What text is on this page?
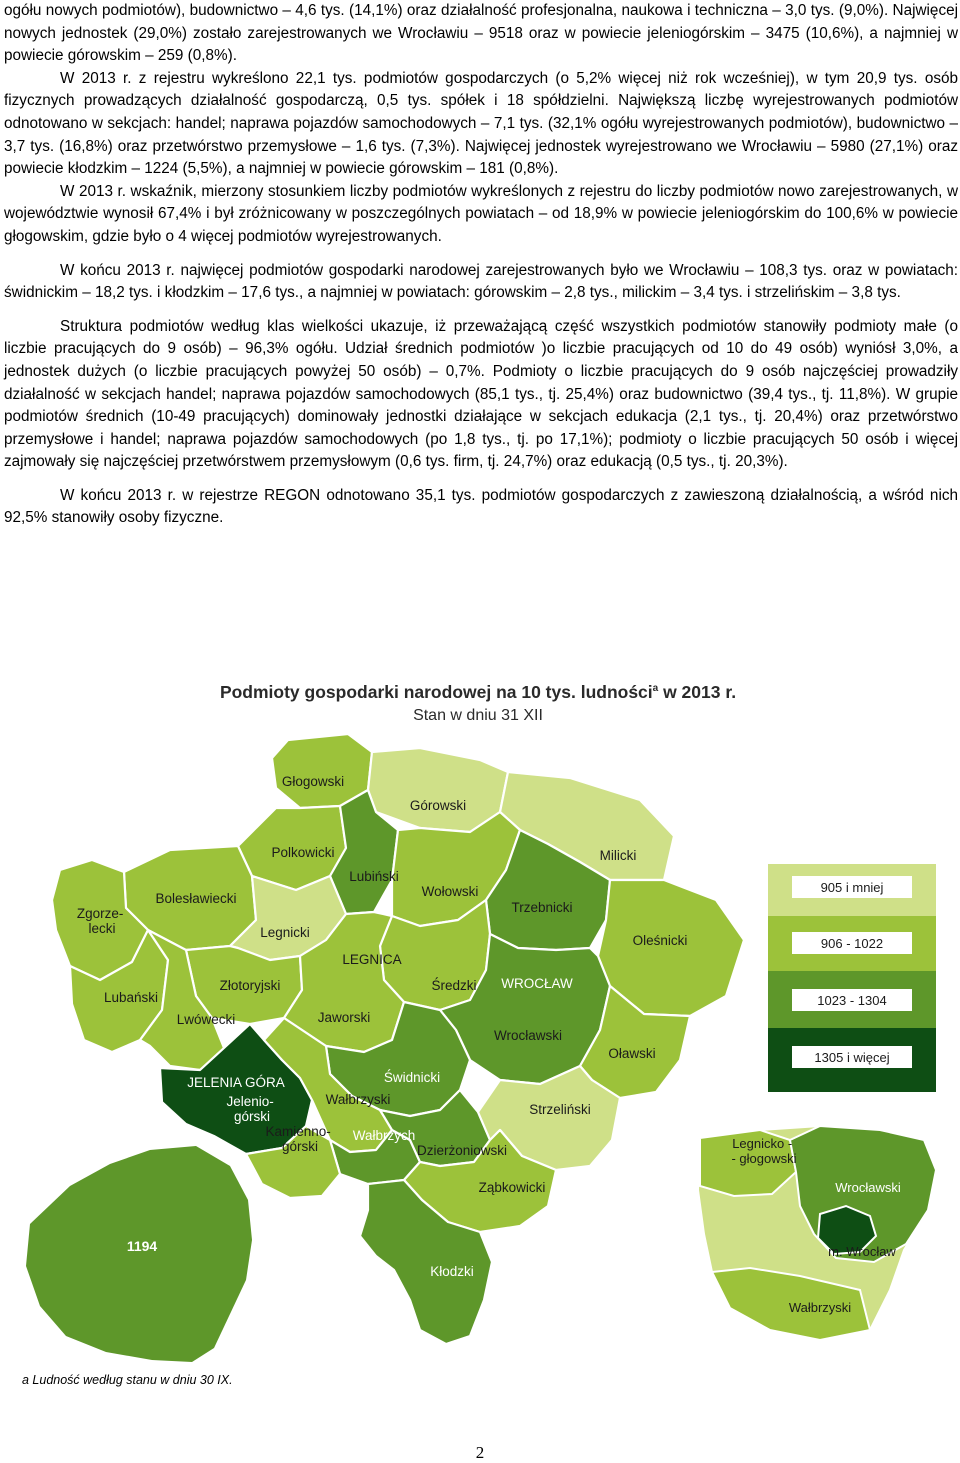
ogółu nowych podmiotów), budownictwo – 4,6 tys. (14,1%) oraz działalność profesjonalna, naukowa i techniczna – 3,0 tys. (9,0%). Najwięcej nowych jednostek (29,0%) zostało zarejestrowanych we Wrocławiu – 9518 oraz w powiecie jeleniogórskim – 3475 (10,6%), a najmniej w powiecie górowskim – 259 (0,8%).

W 2013 r. z rejestru wykreślono 22,1 tys. podmiotów gospodarczych (o 5,2% więcej niż rok wcześniej), w tym 20,9 tys. osób fizycznych prowadzących działalność gospodarczą, 0,5 tys. spółek i 18 spółdzielni. Największą liczbę wyrejestrowanych podmiotów odnotowano w sekcjach: handel; naprawa pojazdów samochodowych – 7,1 tys. (32,1% ogółu wyrejestrowanych podmiotów), budownictwo – 3,7 tys. (16,8%) oraz przetwórstwo przemysłowe – 1,6 tys. (7,3%). Najwięcej jednostek wyrejestrowano we Wrocławiu – 5980 (27,1%) oraz powiecie kłodzkim – 1224 (5,5%), a najmniej w powiecie górowskim – 181 (0,8%).

W 2013 r. wskaźnik, mierzony stosunkiem liczby podmiotów wykreślonych z rejestru do liczby podmiotów nowo zarejestrowanych, w województwie wynosił 67,4% i był zróżnicowany w poszczególnych powiatach – od 18,9% w powiecie jeleniogórskim do 100,6% w powiecie głogowskim, gdzie było o 4 więcej podmiotów wyrejestrowanych.

W końcu 2013 r. najwięcej podmiotów gospodarki narodowej zarejestrowanych było we Wrocławiu – 108,3 tys. oraz w powiatach: świdnickim – 18,2 tys. i kłodzkim – 17,6 tys., a najmniej w powiatach: górowskim – 2,8 tys., milickim – 3,4 tys. i strzelińskim – 3,8 tys.

Struktura podmiotów według klas wielkości ukazuje, iż przeważającą część wszystkich podmiotów stanowiły podmioty małe (o liczbie pracujących do 9 osób) – 96,3% ogółu. Udział średnich podmiotów )o liczbie pracujących od 10 do 49 osób) wyniósł 3,0%, a jednostek dużych (o liczbie pracujących powyżej 50 osób) – 0,7%. Podmioty o liczbie pracujących do 9 osób najczęściej prowadziły działalność w sekcjach handel; naprawa pojazdów samochodowych (85,1 tys., tj. 25,4%) oraz budownictwo (39,4 tys., tj. 11,8%). W grupie podmiotów średnich (10-49 pracujących) dominowały jednostki działające w sekcjach edukacja (2,1 tys., tj. 20,4%) oraz przetwórstwo przemysłowe i handel; naprawa pojazdów samochodowych (po 1,8 tys., tj. po 17,1%); podmioty o liczbie pracujących 50 osób i więcej zajmowały się najczęściej przetwórstwem przemysłowym (0,6 tys. firm, tj. 24,7%) oraz edukacją (0,5 tys., tj. 20,3%).

W końcu 2013 r. w rejestrze REGON odnotowano 35,1 tys. podmiotów gospodarczych z zawieszoną działalnością, a wśród nich 92,5% stanowiły osoby fizyczne.

Podmioty gospodarki narodowej na 10 tys. ludności$^a$ w 2013 r.
Stan w dniu 31 XII
Głogowski
Górowski
Milicki
Polkowicki
Lubiński
Wołowski
Trzebnicki
Oleśnicki
Bolesławiecki
Zgorze- lecki	Legnicki
Średzki
Złotoryjski
Jaworski
Wrocławski
Oławski
Lubański
Lwówecki
Świdnicki
Wałbrzyski
Wałbrzych
Strzeliński
Dzierżoniowski
Ząbkowicki
Kłodzki
LEGNICA
WROCŁAW
JELENIA GÓRA
Jelenio- górski
Kamienno- górski
905 i mniej
906 - 1022
1023 - 1304
1305 i więcej
1194
Legnicko - - głogowski
Wrocławski
m. Wrocław
Wałbrzyski
a Ludność według stanu w dniu 30 IX.
2
